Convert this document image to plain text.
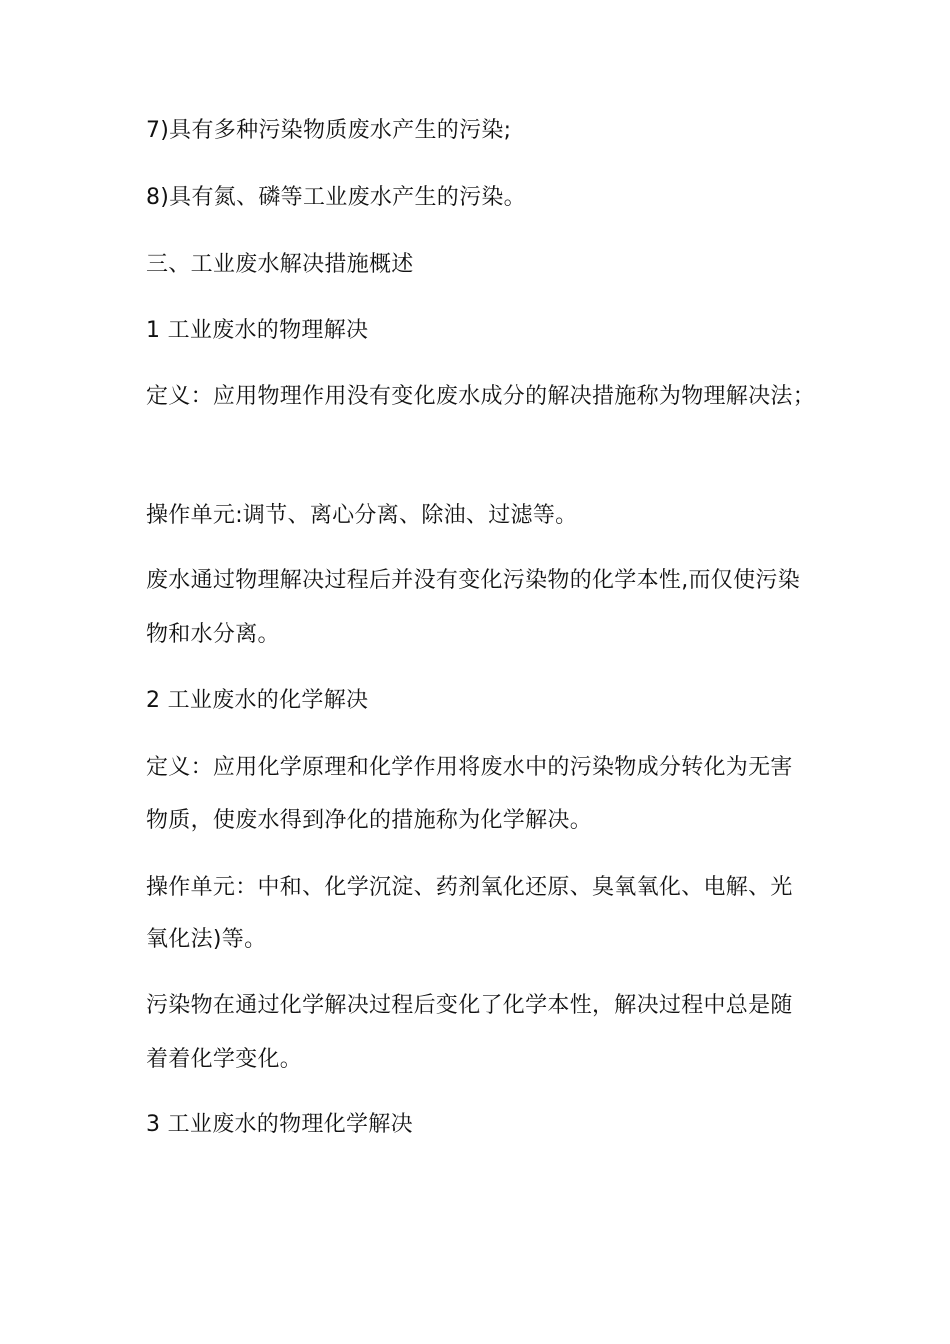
7)具有多种污染物质废水产生的污染;
8)具有氮、磷等工业废水产生的污染。
三、工业废水解决措施概述
1 工业废水的物理解决
定义：应用物理作用没有变化废水成分的解决措施称为物理解决法；
操作单元:调节、离心分离、除油、过滤等。
废水通过物理解决过程后并没有变化污染物的化学本性,而仅使污染
物和水分离。
2 工业废水的化学解决
定义：应用化学原理和化学作用将废水中的污染物成分转化为无害
物质，使废水得到净化的措施称为化学解决。
操作单元：中和、化学沉淀、药剂氧化还原、臭氧氧化、电解、光
氧化法)等。
污染物在通过化学解决过程后变化了化学本性，解决过程中总是随
着着化学变化。
3 工业废水的物理化学解决
